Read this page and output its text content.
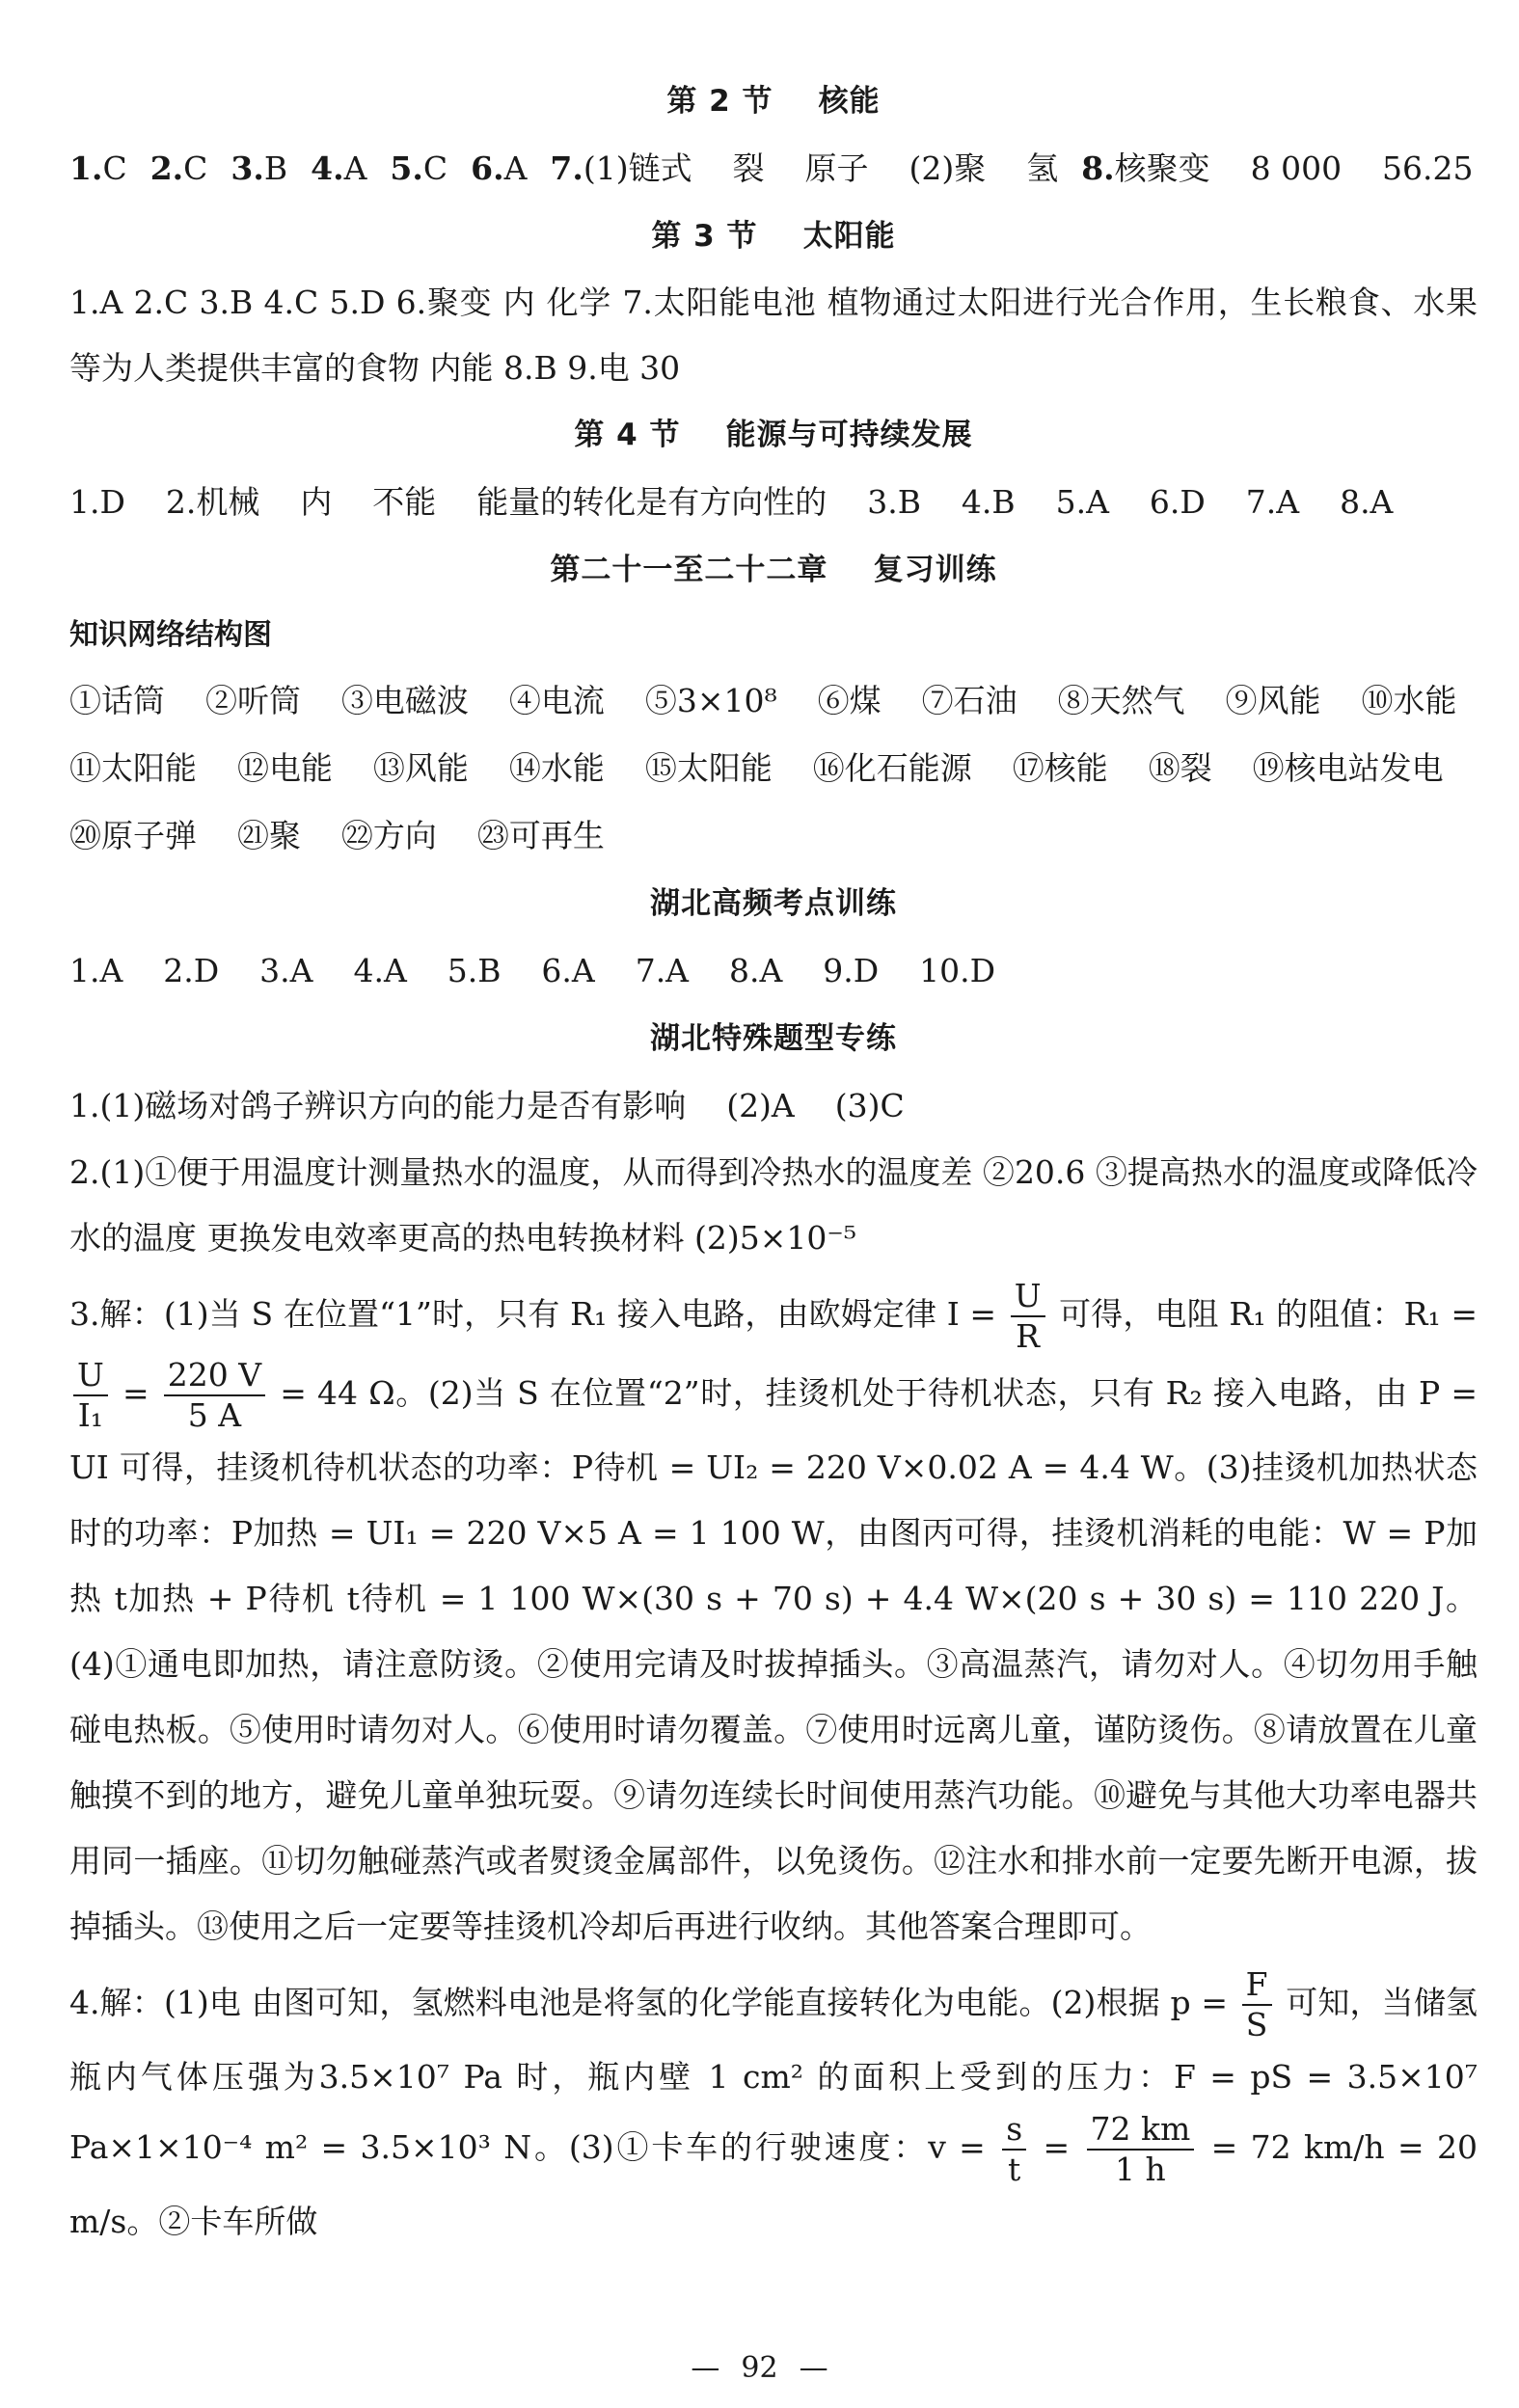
第 2 节    核能

1.C 2.C 3.B 4.A 5.C 6.A 7.(1)链式    裂    原子    (2)聚    氢 8.核聚变    8 000    56.25

第 3 节    太阳能

1.A 2.C 3.B 4.C 5.D 6.聚变 内 化学 7.太阳能电池 植物通过太阳进行光合作用，生长粮食、水果等为人类提供丰富的食物 内能 8.B 9.电 30

第 4 节    能源与可持续发展

1.D    2.机械    内    不能    能量的转化是有方向性的    3.B    4.B    5.A    6.D    7.A    8.A

第二十一至二十二章    复习训练

知识网络结构图

①话筒    ②听筒    ③电磁波    ④电流    ⑤3×10⁸    ⑥煤    ⑦石油    ⑧天然气    ⑨风能    ⑩水能

⑪太阳能    ⑫电能    ⑬风能    ⑭水能    ⑮太阳能    ⑯化石能源    ⑰核能    ⑱裂    ⑲核电站发电

⑳原子弹    ㉑聚    ㉒方向    ㉓可再生

湖北高频考点训练

1.A    2.D    3.A    4.A    5.B    6.A    7.A    8.A    9.D    10.D

湖北特殊题型专练

1.(1)磁场对鸽子辨识方向的能力是否有影响    (2)A    (3)C

2.(1)①便于用温度计测量热水的温度，从而得到冷热水的温度差 ②20.6 ③提高热水的温度或降低冷水的温度 更换发电效率更高的热电转换材料 (2)5×10⁻⁵

3.解：(1)当 S 在位置“1”时，只有 R₁ 接入电路，由欧姆定律 $I = \frac{U}{R}$ 可得，电阻 R₁ 的阻值：R₁ =
$\frac{U}{\text{I₁}} = \frac{220 V}{5 A} = 44$ Ω。(2)当 S 在位置“2”时，挂烫机处于待机状态，只有 R₂ 接入电路，由 P = UI 可得，挂烫机待机状态的功率：P待机 = UI₂ = 220 V×0.02 A = 4.4 W。(3)挂烫机加热状态时的功率：P加热 = UI₁ = 220 V×5 A = 1 100 W，由图丙可得，挂烫机消耗的电能：W = P加热 t加热 + P待机 t待机 = 1 100 W×(30 s + 70 s) + 4.4 W×(20 s + 30 s) = 110 220 J。(4)①通电即加热，请注意防烫。②使用完请及时拔掉插头。③高温蒸汽，请勿对人。④切勿用手触碰电热板。⑤使用时请勿对人。⑥使用时请勿覆盖。⑦使用时远离儿童，谨防烫伤。⑧请放置在儿童触摸不到的地方，避免儿童单独玩耍。⑨请勿连续长时间使用蒸汽功能。⑩避免与其他大功率电器共用同一插座。⑪切勿触碰蒸汽或者熨烫金属部件，以免烫伤。⑫注水和排水前一定要先断开电源，拔掉插头。⑬使用之后一定要等挂烫机冷却后再进行收纳。其他答案合理即可。

4.解：(1)电 由图可知，氢燃料电池是将氢的化学能直接转化为电能。(2)根据 $p = \frac{F}{S}$ 可知，当储氢瓶内气体压强为3.5×10⁷ Pa 时，瓶内壁 1 cm² 的面积上受到的压力：F = pS = 3.5×10⁷ Pa×1×10⁻⁴ m² = 3.5×10³ N。(3)①卡车的行驶速度：$v = \frac{s}{t} = \frac{72 km}{1 h} = 72$ km/h = 20 m/s。②卡车所做

— 92 —
